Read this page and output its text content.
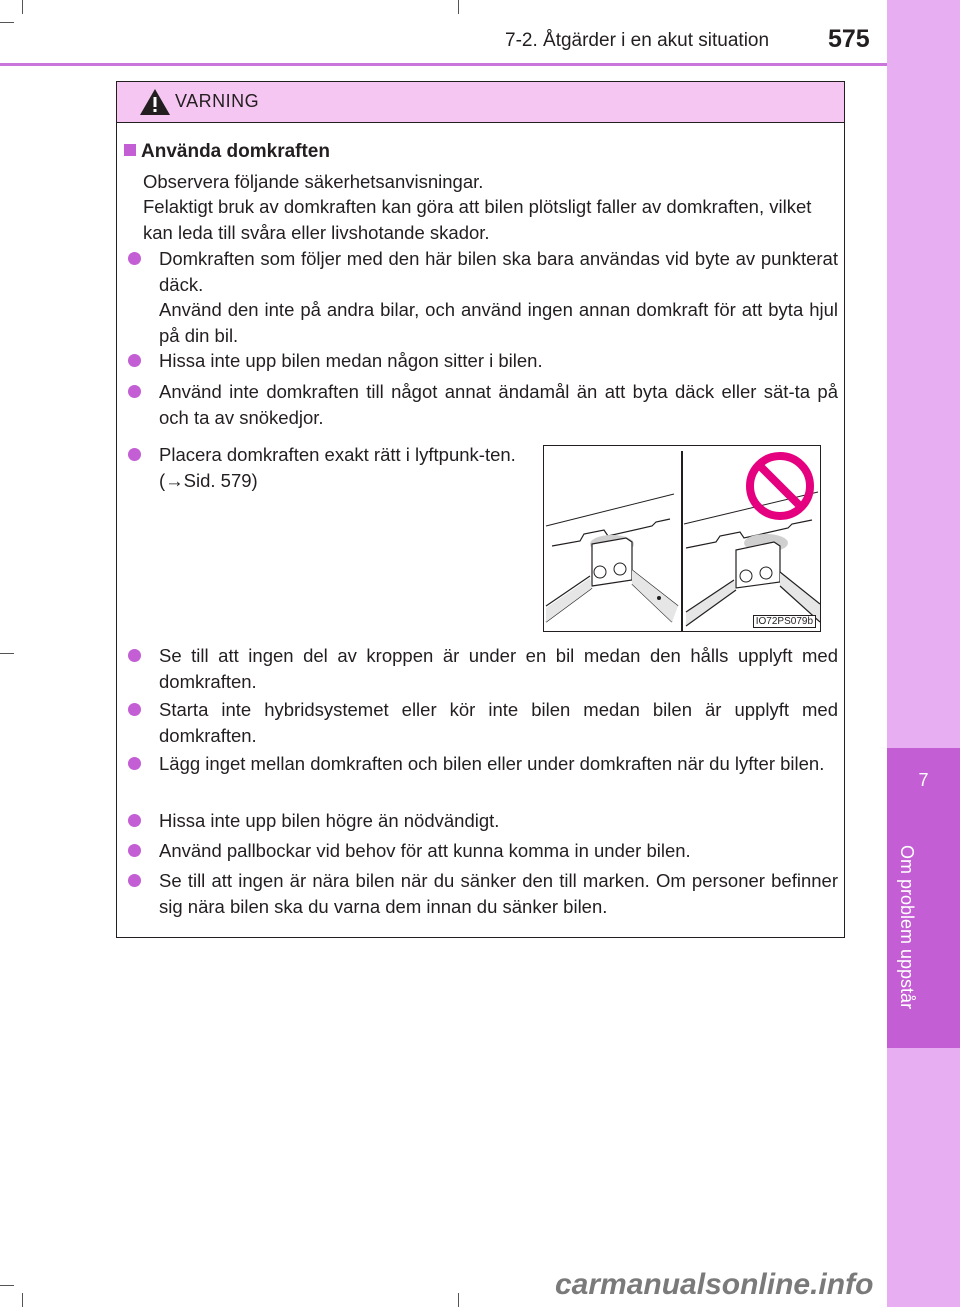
7-2. Åtgärder i en akut situation 575
7
Om problem uppstår
VARNING
Använda domkraften
Observera följande säkerhetsanvisningar.
Felaktigt bruk av domkraften kan göra att bilen plötsligt faller av domkraften, vilket kan leda till svåra eller livshotande skador.

Domkraften som följer med den här bilen ska bara användas vid byte av punkterat däck.

Använd den inte på andra bilar, och använd ingen annan domkraft för att byta hjul på din bil.

Hissa inte upp bilen medan någon sitter i bilen.

Använd inte domkraften till något annat ändamål än att byta däck eller sät-ta på och ta av snökedjor.

Placera domkraften exakt rätt i lyftpunk-ten. (→Sid. 579)

IO72PS079b

Se till att ingen del av kroppen är under en bil medan den hålls upplyft med domkraften.

Starta inte hybridsystemet eller kör inte bilen medan bilen är upplyft med domkraften.

Lägg inget mellan domkraften och bilen eller under domkraften när du lyfter bilen.

Hissa inte upp bilen högre än nödvändigt.

Använd pallbockar vid behov för att kunna komma in under bilen.

Se till att ingen är nära bilen när du sänker den till marken. Om personer befinner sig nära bilen ska du varna dem innan du sänker bilen.

carmanualsonline.info
